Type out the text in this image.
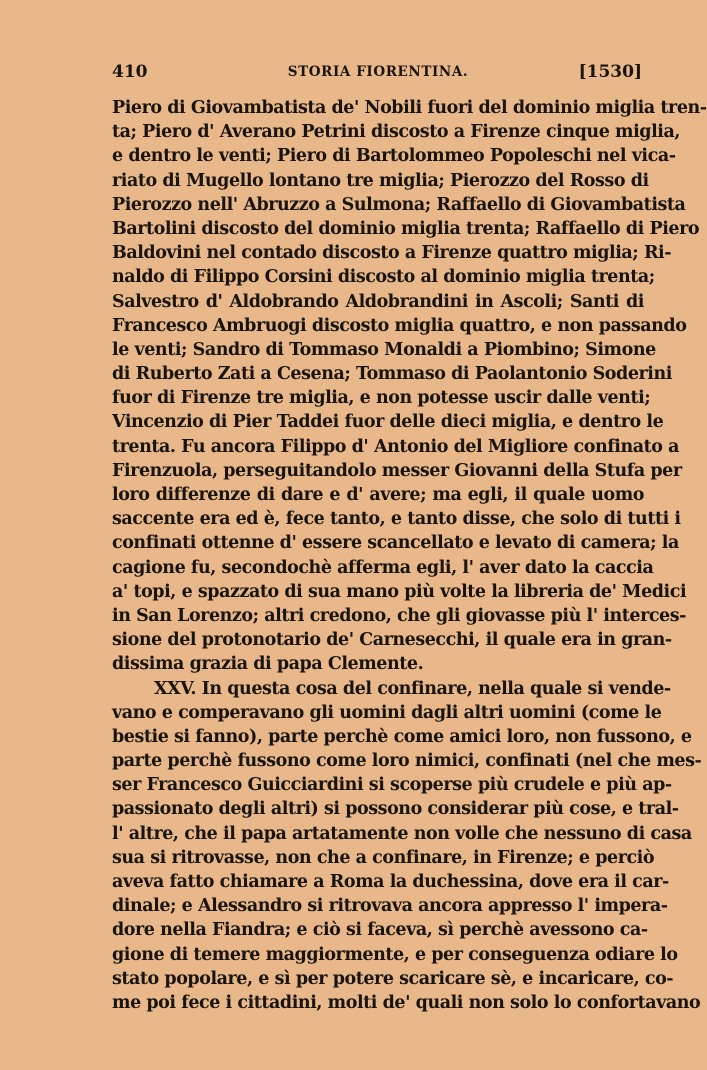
410	STORIA FIORENTINA.	[1530]
Piero di Giovambatista de' Nobili fuori del dominio miglia tren-
ta; Piero d' Averano Petrini discosto a Firenze cinque miglia,
e dentro le venti; Piero di Bartolommeo Popoleschi nel vica-
riato di Mugello lontano tre miglia; Pierozzo del Rosso di
Pierozzo nell' Abruzzo a Sulmona; Raffaello di Giovambatista
Bartolini discosto del dominio miglia trenta; Raffaello di Piero
Baldovini nel contado discosto a Firenze quattro miglia; Ri-
naldo di Filippo Corsini discosto al dominio miglia trenta;
Salvestro d' Aldobrando Aldobrandini in Ascoli; Santi di
Francesco Ambruogi discosto miglia quattro, e non passando
le venti; Sandro di Tommaso Monaldi a Piombino; Simone
di Ruberto Zati a Cesena; Tommaso di Paolantonio Soderini
fuor di Firenze tre miglia, e non potesse uscir dalle venti;
Vincenzio di Pier Taddei fuor delle dieci miglia, e dentro le
trenta. Fu ancora Filippo d' Antonio del Migliore confinato a
Firenzuola, perseguitandolo messer Giovanni della Stufa per
loro differenze di dare e d' avere; ma egli, il quale uomo
saccente era ed è, fece tanto, e tanto disse, che solo di tutti i
confinati ottenne d' essere scancellato e levato di camera; la
cagione fu, secondochè afferma egli, l' aver dato la caccia
a' topi, e spazzato di sua mano più volte la libreria de' Medici
in San Lorenzo; altri credono, che gli giovasse più l' interces-
sione del protonotario de' Carnesecchi, il quale era in gran-
dissima grazia di papa Clemente.
XXV. In questa cosa del confinare, nella quale si vende-
vano e comperavano gli uomini dagli altri uomini (come le
bestie si fanno), parte perchè come amici loro, non fussono, e
parte perchè fussono come loro nimici, confinati (nel che mes-
ser Francesco Guicciardini si scoperse più crudele e più ap-
passionato degli altri) si possono considerar più cose, e tral-
l' altre, che il papa artatamente non volle che nessuno di casa
sua si ritrovasse, non che a confinare, in Firenze; e perciò
aveva fatto chiamare a Roma la duchessina, dove era il car-
dinale; e Alessandro si ritrovava ancora appresso l' impera-
dore nella Fiandra; e ciò si faceva, sì perchè avessono ca-
gione di temere maggiormente, e per conseguenza odiare lo
stato popolare, e sì per potere scaricare sè, e incaricare, co-
me poi fece i cittadini, molti de' quali non solo lo confortavano
